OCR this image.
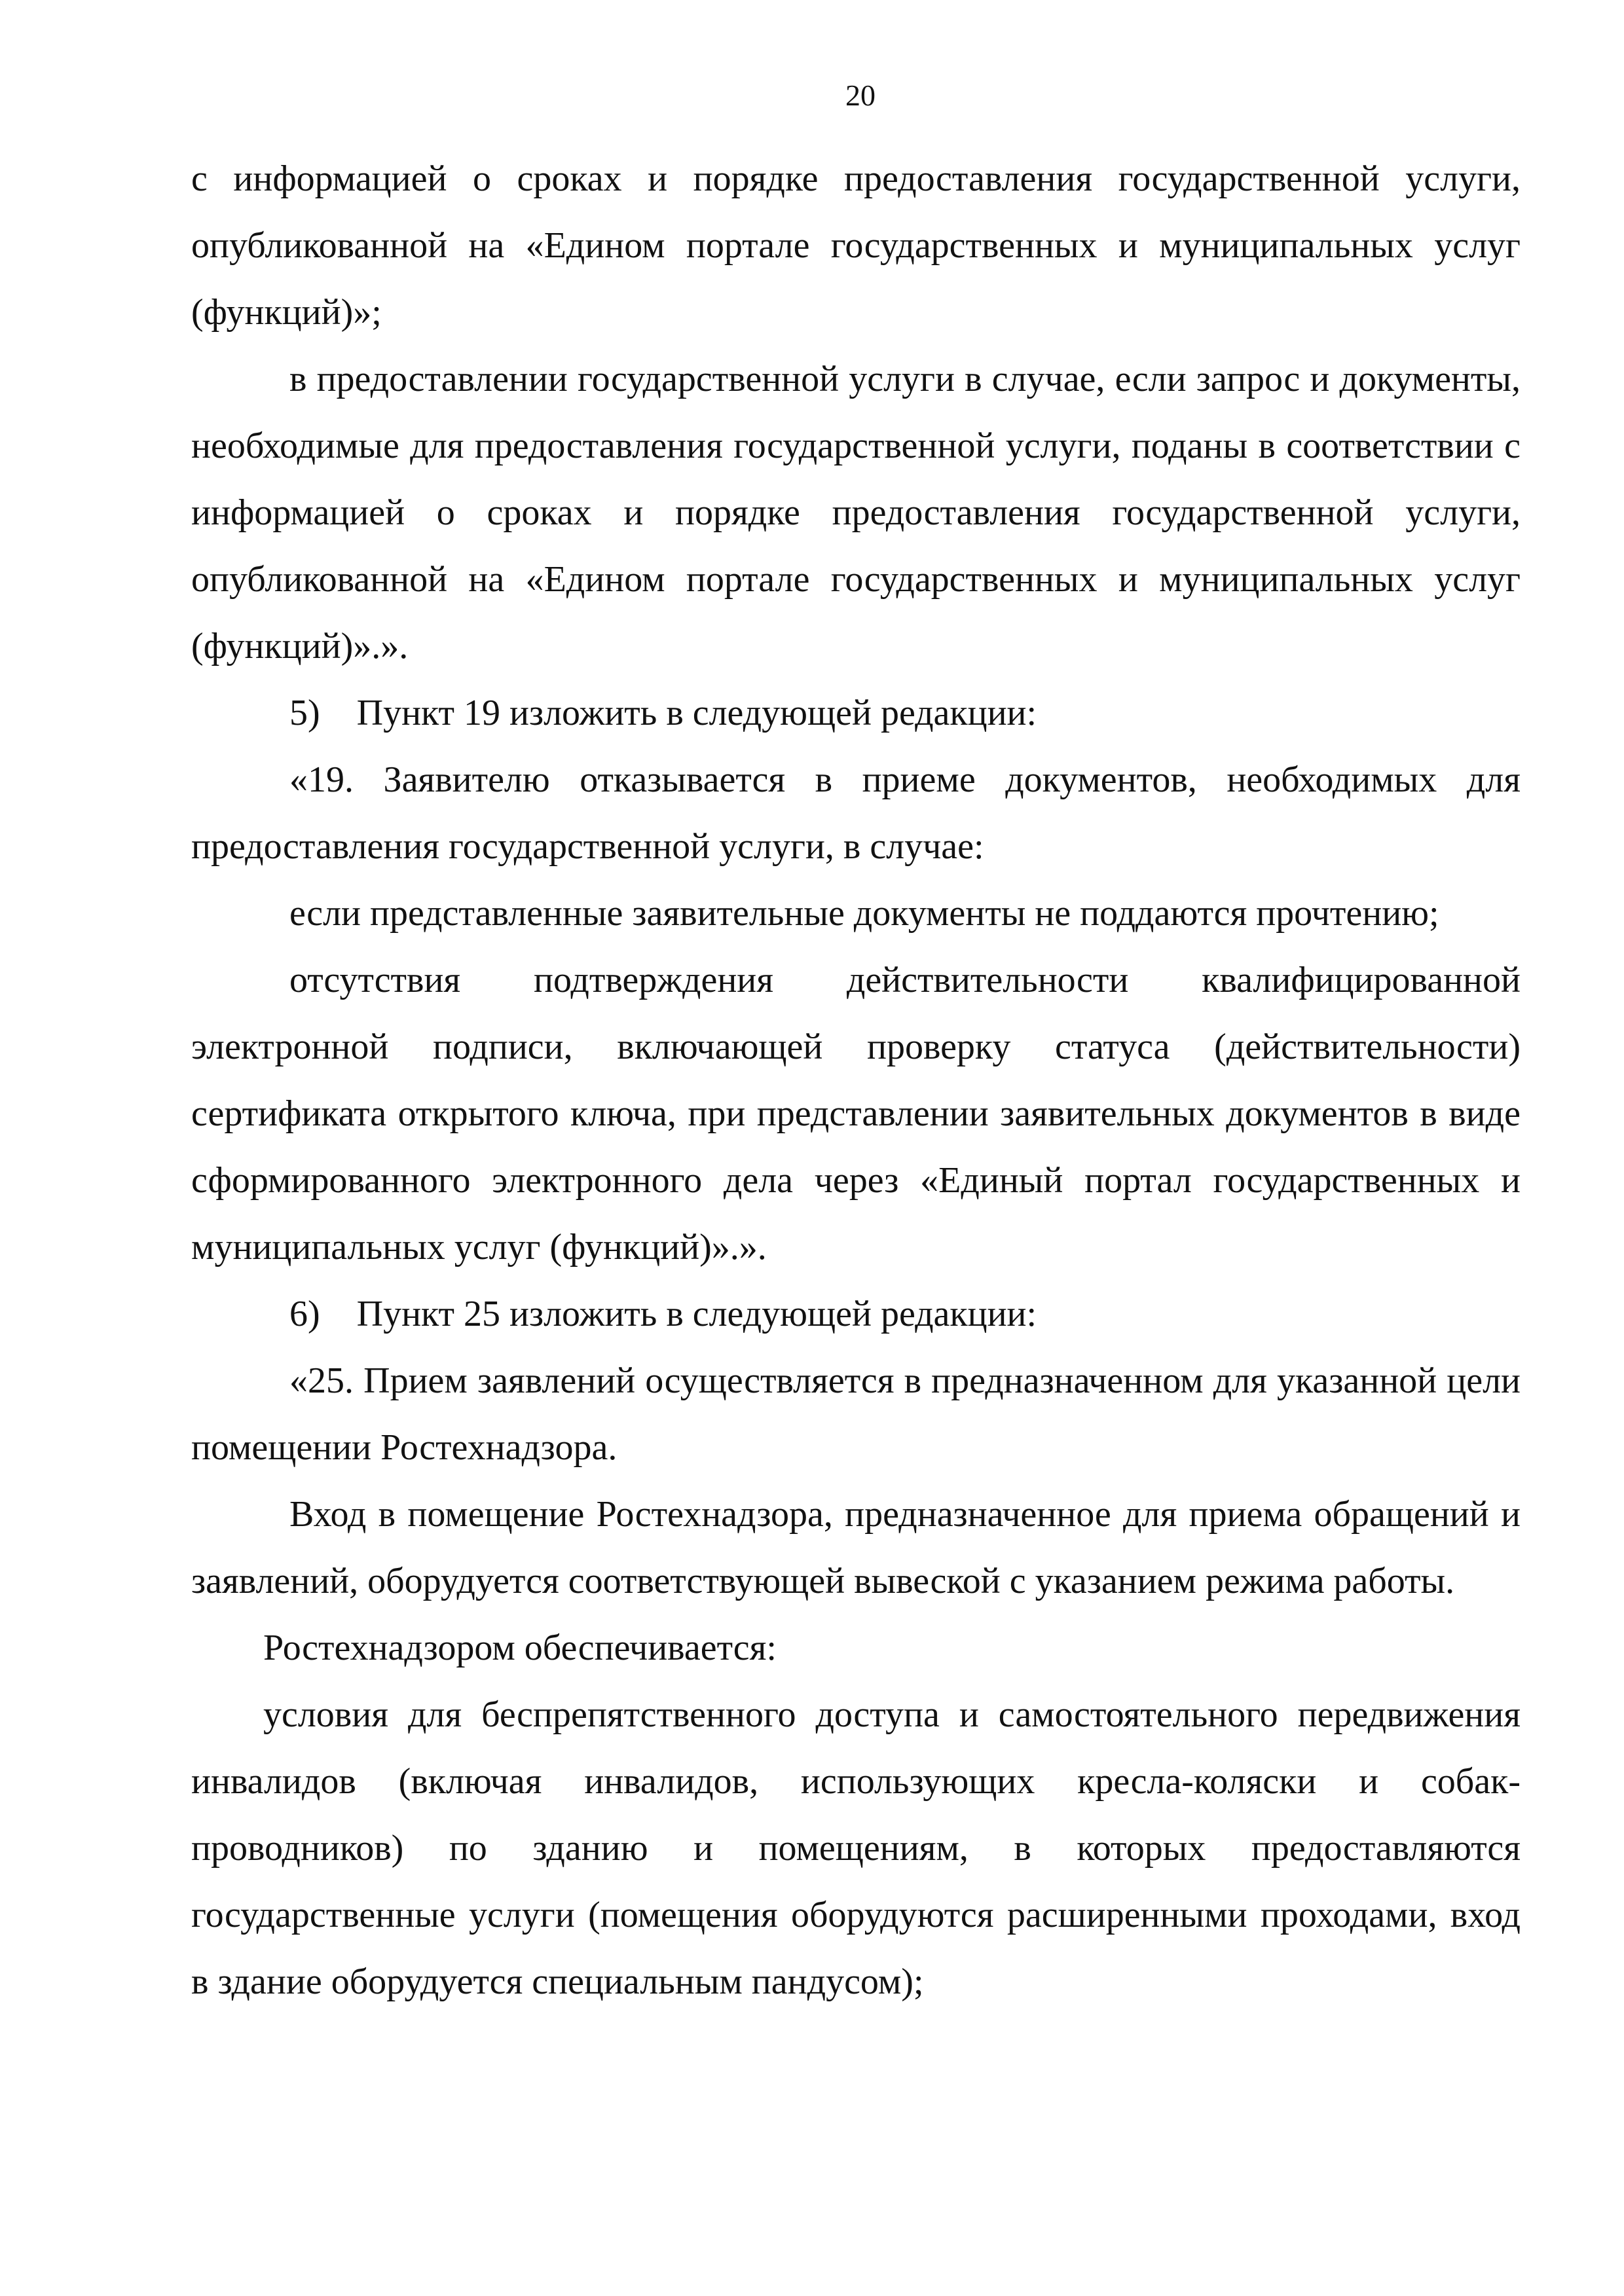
20

с информацией о сроках и порядке предоставления государственной услуги, опубликованной на «Едином портале государственных и муниципальных услуг (функций)»;

в предоставлении государственной услуги в случае, если запрос и документы, необходимые для предоставления государственной услуги, поданы в соответствии с информацией о сроках и порядке предоставления государственной услуги, опубликованной на «Едином портале государственных и муниципальных услуг (функций)».».

5) Пункт 19 изложить в следующей редакции:

«19. Заявителю отказывается в приеме документов, необходимых для предоставления государственной услуги, в случае:

если представленные заявительные документы не поддаются прочтению;

отсутствия подтверждения действительности квалифицированной электронной подписи, включающей проверку статуса (действительности) сертификата открытого ключа, при представлении заявительных документов в виде сформированного электронного дела через «Единый портал государственных и муниципальных услуг (функций)».».

6) Пункт 25 изложить в следующей редакции:

«25. Прием заявлений осуществляется в предназначенном для указанной цели помещении Ростехнадзора.

Вход в помещение Ростехнадзора, предназначенное для приема обращений и заявлений, оборудуется соответствующей вывеской с указанием режима работы.

Ростехнадзором обеспечивается:

условия для беспрепятственного доступа и самостоятельного передвижения инвалидов (включая инвалидов, использующих кресла-коляски и собак-проводников) по зданию и помещениям, в которых предоставляются государственные услуги (помещения оборудуются расширенными проходами, вход в здание оборудуется специальным пандусом);
